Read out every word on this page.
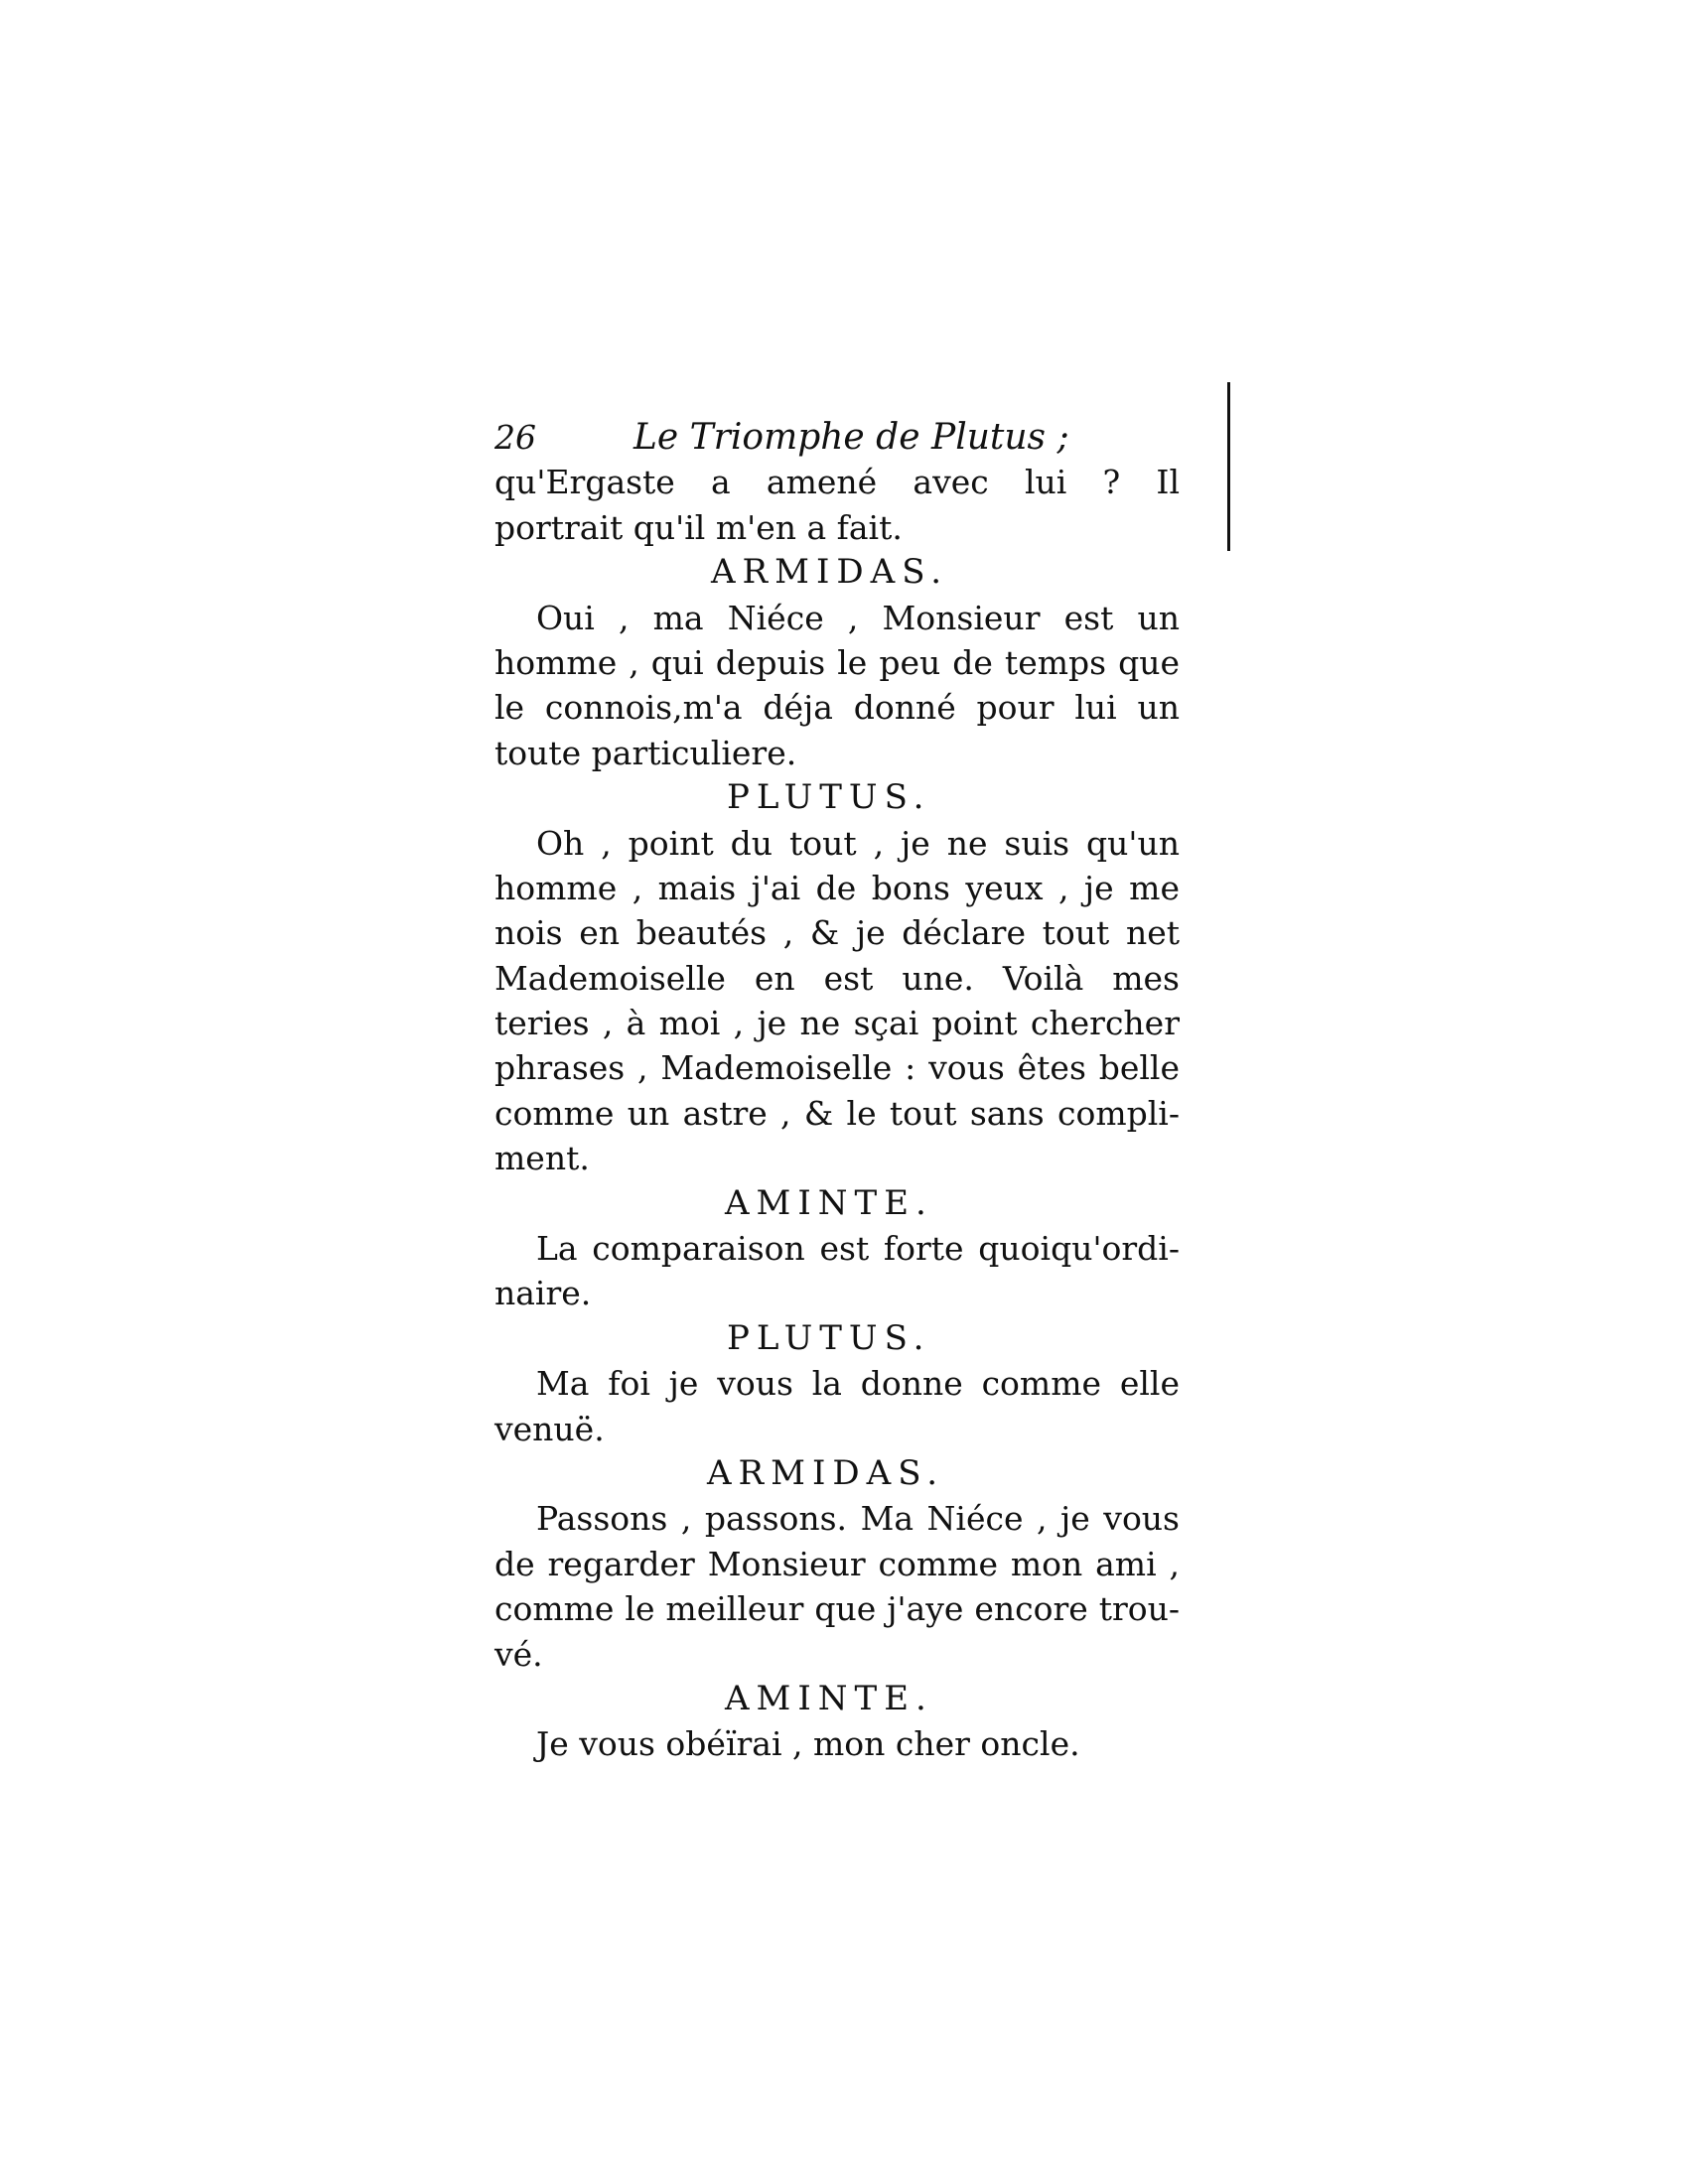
26	Le Triomphe de Plutus ;
qu'Ergaste a amené avec lui ? Il
portrait qu'il m'en a fait.
ARMIDAS.
Oui , ma Niéce , Monsieur est un
homme , qui depuis le peu de temps que
le connois,m'a déja donné pour lui un
toute particuliere.
PLUTUS.
Oh , point du tout , je ne suis qu'un
homme , mais j'ai de bons yeux , je me
nois en beautés , & je déclare tout net
Mademoiselle en est une. Voilà mes
teries , à moi , je ne sçai point chercher
phrases , Mademoiselle : vous êtes belle
comme un astre , & le tout sans compli-
ment.
AMINTE.
La comparaison est forte quoiqu'ordi-
naire.
PLUTUS.
Ma foi je vous la donne comme elle
venuë.
ARMIDAS.
Passons , passons. Ma Niéce , je vous
de regarder Monsieur comme mon ami ,
comme le meilleur que j'aye encore trou-
vé.
AMINTE.
Je vous obéïrai , mon cher oncle.
